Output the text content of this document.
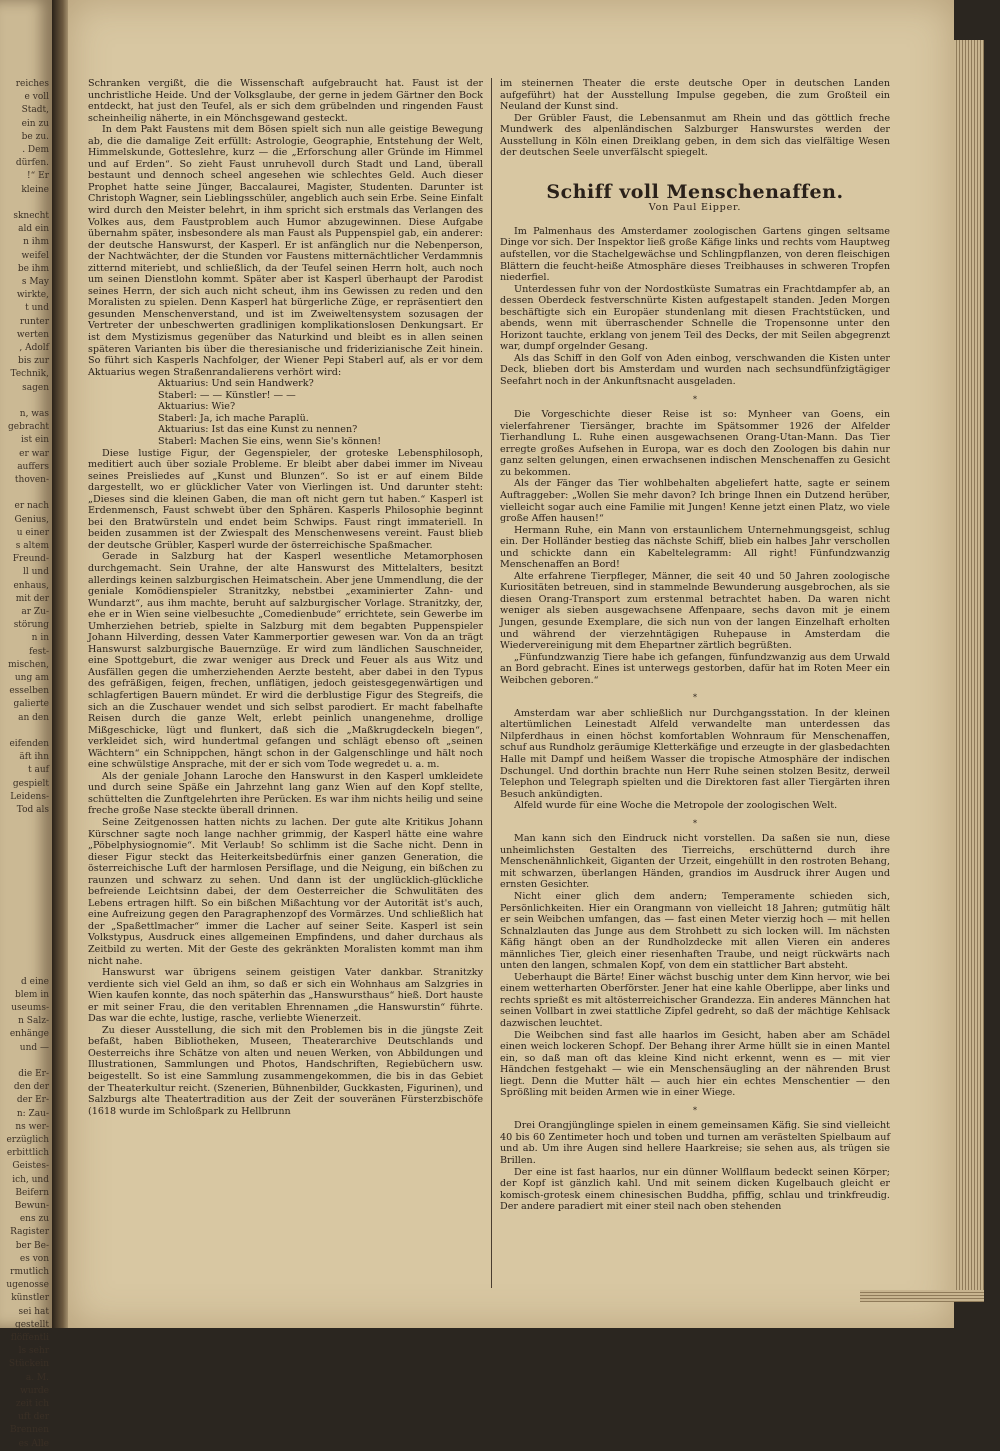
reiches
e voll
Stadt,
ein zu
be zu.
. Dem
dürfen.
!“ Er
kleine
sknecht
ald ein
n ihm
weifel
be ihm
s May
wirkte,
t und
runter
werten
, Adolf
bis zur
Technik,
sagen
n, was
gebracht
ist ein
er war
auffers
thoven-
er nach
Genius,
u einer
s altem
Freund-
ll und
enhaus,
mit der
ar Zu-
störung
n in
fest-
mischen,
ung am
esselben
galierte
an den
eifenden
äft ihn
t auf
gespielt
Leidens-
Tod als
d eine
blem in
useums-
n Salz-
enhänge
und —
die Er-
den der
der Er-
n: Zau-
ns wer-
erzüglich
erbittlich
Geistes-
ich, und
Beifern
Bewun-
ens zu
Ragister
ber Be-
es von
rmutlich
ugenosse
künstler
sei hat
gestellt
flöffentli
ls sehr
Stückein
a. M.
wurde
zeit ich
uft der
Brennen
es Alle

Schranken vergißt, die die Wissenschaft aufgebraucht hat. Faust ist der unchristliche Heide. Und der Volksglaube, der gerne in jedem Gärtner den Bock entdeckt, hat just den Teufel, als er sich dem grübelnden und ringenden Faust scheinheilig näherte, in ein Mönchsgewand gesteckt.

In dem Pakt Faustens mit dem Bösen spielt sich nun alle geistige Bewegung ab, die die damalige Zeit erfüllt: Astrologie, Geographie, Entstehung der Welt, Himmelskunde, Gotteslehre, kurz — die „Erforschung aller Gründe im Himmel und auf Erden“. So zieht Faust unruhevoll durch Stadt und Land, überall bestaunt und dennoch scheel angesehen wie schlechtes Geld. Auch dieser Prophet hatte seine Jünger, Baccalaurei, Magister, Studenten. Darunter ist Christoph Wagner, sein Lieblingsschüler, angeblich auch sein Erbe. Seine Einfalt wird durch den Meister belehrt, in ihm spricht sich erstmals das Verlangen des Volkes aus, dem Faustproblem auch Humor abzugewinnen. Diese Aufgabe übernahm später, insbesondere als man Faust als Puppenspiel gab, ein anderer: der deutsche Hanswurst, der Kasperl. Er ist anfänglich nur die Nebenperson, der Nachtwächter, der die Stunden vor Faustens mitternächtlicher Verdammnis zitternd miteriebt, und schließlich, da der Teufel seinen Herrn holt, auch noch um seinen Dienstlohn kommt. Später aber ist Kasperl überhaupt der Parodist seines Herrn, der sich auch nicht scheut, ihm ins Gewissen zu reden und den Moralisten zu spielen. Denn Kasperl hat bürgerliche Züge, er repräsentiert den gesunden Menschenverstand, und ist im Zweiweltensystem sozusagen der Vertreter der unbeschwerten gradlinigen komplikationslosen Denkungsart. Er ist dem Mystizismus gegenüber das Naturkind und bleibt es in allen seinen späteren Varianten bis über die theresianische und friderizianische Zeit hinein. So führt sich Kasperls Nachfolger, der Wiener Pepi Staberl auf, als er vor dem Aktuarius wegen Straßenrandalierens verhört wird:

Aktuarius: Und sein Handwerk?

Staberl: — — Künstler! — —

Aktuarius: Wie?

Staberl: Ja, ich mache Paraplü.

Aktuarius: Ist das eine Kunst zu nennen?

Staberl: Machen Sie eins, wenn Sie's können!

Diese lustige Figur, der Gegenspieler, der groteske Lebensphilosoph, meditiert auch über soziale Probleme. Er bleibt aber dabei immer im Niveau seines Preisliedes auf „Kunst und Blunzen“. So ist er auf einem Bilde dargestellt, wo er glücklicher Vater von Vierlingen ist. Und darunter steht: „Dieses sind die kleinen Gaben, die man oft nicht gern tut haben.“ Kasperl ist Erdenmensch, Faust schwebt über den Sphären. Kasperls Philosophie beginnt bei den Bratwürsteln und endet beim Schwips. Faust ringt immateriell. In beiden zusammen ist der Zwiespalt des Menschenwesens vereint. Faust blieb der deutsche Grübler, Kasperl wurde der österreichische Spaßmacher.

Gerade in Salzburg hat der Kasperl wesentliche Metamorphosen durchgemacht. Sein Urahne, der alte Hanswurst des Mittelalters, besitzt allerdings keinen salzburgischen Heimatschein. Aber jene Ummendlung, die der geniale Komödienspieler Stranitzky, nebstbei „examinierter Zahn- und Wundarzt“, aus ihm machte, beruht auf salzburgischer Vorlage. Stranitzky, der, ehe er in Wien seine vielbesuchte „Comedienbude“ errichtete, sein Gewerbe im Umherziehen betrieb, spielte in Salzburg mit dem begabten Puppenspieler Johann Hilverding, dessen Vater Kammerportier gewesen war. Von da an trägt Hanswurst salzburgische Bauernzüge. Er wird zum ländlichen Sauschneider, eine Spottgeburt, die zwar weniger aus Dreck und Feuer als aus Witz und Ausfällen gegen die umherziehenden Aerzte besteht, aber dabei in den Typus des gefräßigen, feigen, frechen, unflätigen, jedoch geistesgegenwärtigen und schlagfertigen Bauern mündet. Er wird die derblustige Figur des Stegreifs, die sich an die Zuschauer wendet und sich selbst parodiert. Er macht fabelhafte Reisen durch die ganze Welt, erlebt peinlich unangenehme, drollige Mißgeschicke, lügt und flunkert, daß sich die „Maßkrugdeckeln biegen“, verkleidet sich, wird hundertmal gefangen und schlägt ebenso oft „seinen Wächtern“ ein Schnippchen, hängt schon in der Galgenschlinge und hält noch eine schwülstige Ansprache, mit der er sich vom Tode wegredet u. a. m.

Als der geniale Johann Laroche den Hanswurst in den Kasperl umkleidete und durch seine Späße ein Jahrzehnt lang ganz Wien auf den Kopf stellte, schüttelten die Zunftgelehrten ihre Perücken. Es war ihm nichts heilig und seine freche große Nase steckte überall drinnen.

Seine Zeitgenossen hatten nichts zu lachen. Der gute alte Kritikus Johann Kürschner sagte noch lange nachher grimmig, der Kasperl hätte eine wahre „Pöbelphysiognomie“. Mit Verlaub! So schlimm ist die Sache nicht. Denn in dieser Figur steckt das Heiterkeitsbedürfnis einer ganzen Generation, die österreichische Luft der harmlosen Persiflage, und die Neigung, ein bißchen zu raunzen und schwarz zu sehen. Und dann ist der unglücklich-glückliche befreiende Leichtsinn dabei, der dem Oesterreicher die Schwulitäten des Lebens ertragen hilft. So ein bißchen Mißachtung vor der Autorität ist's auch, eine Aufreizung gegen den Paragraphenzopf des Vormärzes. Und schließlich hat der „Spaßettlmacher“ immer die Lacher auf seiner Seite. Kasperl ist sein Volkstypus, Ausdruck eines allgemeinen Empfindens, und daher durchaus als Zeitbild zu werten. Mit der Geste des gekränkten Moralisten kommt man ihm nicht nahe.

Hanswurst war übrigens seinem geistigen Vater dankbar. Stranitzky verdiente sich viel Geld an ihm, so daß er sich ein Wohnhaus am Salzgries in Wien kaufen konnte, das noch späterhin das „Hanswursthaus“ hieß. Dort hauste er mit seiner Frau, die den veritablen Ehrennamen „die Hanswurstin“ führte. Das war die echte, lustige, rasche, verliebte Wienerzeit.

Zu dieser Ausstellung, die sich mit den Problemen bis in die jüngste Zeit befaßt, haben Bibliotheken, Museen, Theaterarchive Deutschlands und Oesterreichs ihre Schätze von alten und neuen Werken, von Abbildungen und Illustrationen, Sammlungen und Photos, Handschriften, Regiebüchern usw. beigestellt. So ist eine Sammlung zusammengekommen, die bis in das Gebiet der Theaterkultur reicht. (Szenerien, Bühnenbilder, Guckkasten, Figurinen), und Salzburgs alte Theatertradition aus der Zeit der souveränen Fürsterzbischöfe (1618 wurde im Schloßpark zu Hellbrunn

im steinernen Theater die erste deutsche Oper in deutschen Landen aufgeführt) hat der Ausstellung Impulse gegeben, die zum Großteil ein Neuland der Kunst sind.

Der Grübler Faust, die Lebensanmut am Rhein und das göttlich freche Mundwerk des alpenländischen Salzburger Hanswurstes werden der Ausstellung in Köln einen Dreiklang geben, in dem sich das vielfältige Wesen der deutschen Seele unverfälscht spiegelt.

Schiff voll Menschenaffen.

Von Paul Eipper.

Im Palmenhaus des Amsterdamer zoologischen Gartens gingen seltsame Dinge vor sich. Der Inspektor ließ große Käfige links und rechts vom Hauptweg aufstellen, vor die Stachelgewächse und Schlingpflanzen, von deren fleischigen Blättern die feucht-heiße Atmosphäre dieses Treibhauses in schweren Tropfen niederfiel.

Unterdessen fuhr von der Nordostküste Sumatras ein Frachtdampfer ab, an dessen Oberdeck festverschnürte Kisten aufgestapelt standen. Jeden Morgen beschäftigte sich ein Europäer stundenlang mit diesen Frachtstücken, und abends, wenn mit überraschender Schnelle die Tropensonne unter den Horizont tauchte, erklang von jenem Teil des Decks, der mit Seilen abgegrenzt war, dumpf orgelnder Gesang.

Als das Schiff in den Golf von Aden einbog, verschwanden die Kisten unter Deck, blieben dort bis Amsterdam und wurden nach sechsundfünfzigtägiger Seefahrt noch in der Ankunftsnacht ausgeladen.

*

Die Vorgeschichte dieser Reise ist so: Mynheer van Goens, ein vielerfahrener Tiersänger, brachte im Spätsommer 1926 der Alfelder Tierhandlung L. Ruhe einen ausgewachsenen Orang-Utan-Mann. Das Tier erregte großes Aufsehen in Europa, war es doch den Zoologen bis dahin nur ganz selten gelungen, einen erwachsenen indischen Menschenaffen zu Gesicht zu bekommen.

Als der Fänger das Tier wohlbehalten abgeliefert hatte, sagte er seinem Auftraggeber: „Wollen Sie mehr davon? Ich bringe Ihnen ein Dutzend herüber, vielleicht sogar auch eine Familie mit Jungen! Kenne jetzt einen Platz, wo viele große Affen hausen!“

Hermann Ruhe, ein Mann von erstaunlichem Unternehmungsgeist, schlug ein. Der Holländer bestieg das nächste Schiff, blieb ein halbes Jahr verschollen und schickte dann ein Kabeltelegramm: All right! Fünfundzwanzig Menschenaffen an Bord!

Alte erfahrene Tierpfleger, Männer, die seit 40 und 50 Jahren zoologische Kuriositäten betreuen, sind in stammelnde Bewunderung ausgebrochen, als sie diesen Orang-Transport zum erstenmal betrachtet haben. Da waren nicht weniger als sieben ausgewachsene Affenpaare, sechs davon mit je einem Jungen, gesunde Exemplare, die sich nun von der langen Einzelhaft erholten und während der vierzehntägigen Ruhepause in Amsterdam die Wiedervereinigung mit dem Ehepartner zärtlich begrüßten.

„Fünfundzwanzig Tiere habe ich gefangen, fünfundzwanzig aus dem Urwald an Bord gebracht. Eines ist unterwegs gestorben, dafür hat im Roten Meer ein Weibchen geboren.“

*

Amsterdam war aber schließlich nur Durchgangsstation. In der kleinen altertümlichen Leinestadt Alfeld verwandelte man unterdessen das Nilpferdhaus in einen höchst komfortablen Wohnraum für Menschenaffen, schuf aus Rundholz geräumige Kletterkäfige und erzeugte in der glasbedachten Halle mit Dampf und heißem Wasser die tropische Atmosphäre der indischen Dschungel. Und dorthin brachte nun Herr Ruhe seinen stolzen Besitz, derweil Telephon und Telegraph spielten und die Direktoren fast aller Tiergärten ihren Besuch ankündigten.

Alfeld wurde für eine Woche die Metropole der zoologischen Welt.

*

Man kann sich den Eindruck nicht vorstellen. Da saßen sie nun, diese unheimlichsten Gestalten des Tierreichs, erschütternd durch ihre Menschenähnlichkeit, Giganten der Urzeit, eingehüllt in den rostroten Behang, mit schwarzen, überlangen Händen, grandios im Ausdruck ihrer Augen und ernsten Gesichter.

Nicht einer glich dem andern; Temperamente schieden sich, Persönlichkeiten. Hier ein Orangmann von vielleicht 18 Jahren; gutmütig hält er sein Weibchen umfangen, das — fast einen Meter vierzig hoch — mit hellen Schnalzlauten das Junge aus dem Strohbett zu sich locken will. Im nächsten Käfig hängt oben an der Rundholzdecke mit allen Vieren ein anderes männliches Tier, gleich einer riesenhaften Traube, und neigt rückwärts nach unten den langen, schmalen Kopf, von dem ein stattlicher Bart absteht.

Ueberhaupt die Bärte! Einer wächst buschig unter dem Kinn hervor, wie bei einem wetterharten Oberförster. Jener hat eine kahle Oberlippe, aber links und rechts sprießt es mit altösterreichischer Grandezza. Ein anderes Männchen hat seinen Vollbart in zwei stattliche Zipfel gedreht, so daß der mächtige Kehlsack dazwischen leuchtet.

Die Weibchen sind fast alle haarlos im Gesicht, haben aber am Schädel einen weich lockeren Schopf. Der Behang ihrer Arme hüllt sie in einen Mantel ein, so daß man oft das kleine Kind nicht erkennt, wenn es — mit vier Händchen festgehakt — wie ein Menschensäugling an der nährenden Brust liegt. Denn die Mutter hält — auch hier ein echtes Menschentier — den Sprößling mit beiden Armen wie in einer Wiege.

*

Drei Orangjünglinge spielen in einem gemeinsamen Käfig. Sie sind vielleicht 40 bis 60 Zentimeter hoch und toben und turnen am verästelten Spielbaum auf und ab. Um ihre Augen sind hellere Haarkreise; sie sehen aus, als trügen sie Brillen.

Der eine ist fast haarlos, nur ein dünner Wollflaum bedeckt seinen Körper; der Kopf ist gänzlich kahl. Und mit seinem dicken Kugelbauch gleicht er komisch-grotesk einem chinesischen Buddha, pfiffig, schlau und trinkfreudig. Der andere paradiert mit einer steil nach oben stehenden
